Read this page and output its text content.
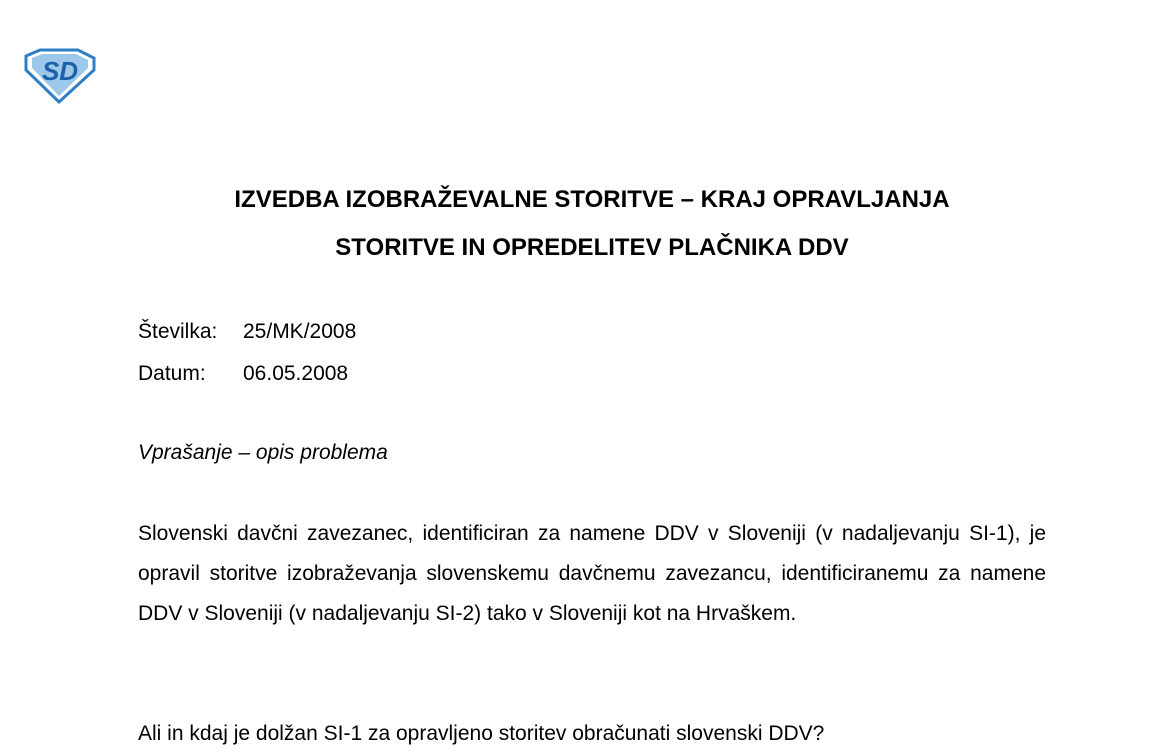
SD
IZVEDBA IZOBRAŽEVALNE STORITVE – KRAJ OPRAVLJANJA
STORITVE IN OPREDELITEV PLAČNIKA DDV
Številka: 25/MK/2008
Datum: 06.05.2008
Vprašanje – opis problema
Slovenski davčni zavezanec, identificiran za namene DDV v Sloveniji (v nadaljevanju SI-1), je opravil storitve izobraževanja slovenskemu davčnemu zavezancu, identificiranemu za namene DDV v Sloveniji (v nadaljevanju SI-2) tako v Sloveniji kot na Hrvaškem.
Ali in kdaj je dolžan SI-1 za opravljeno storitev obračunati slovenski DDV?
